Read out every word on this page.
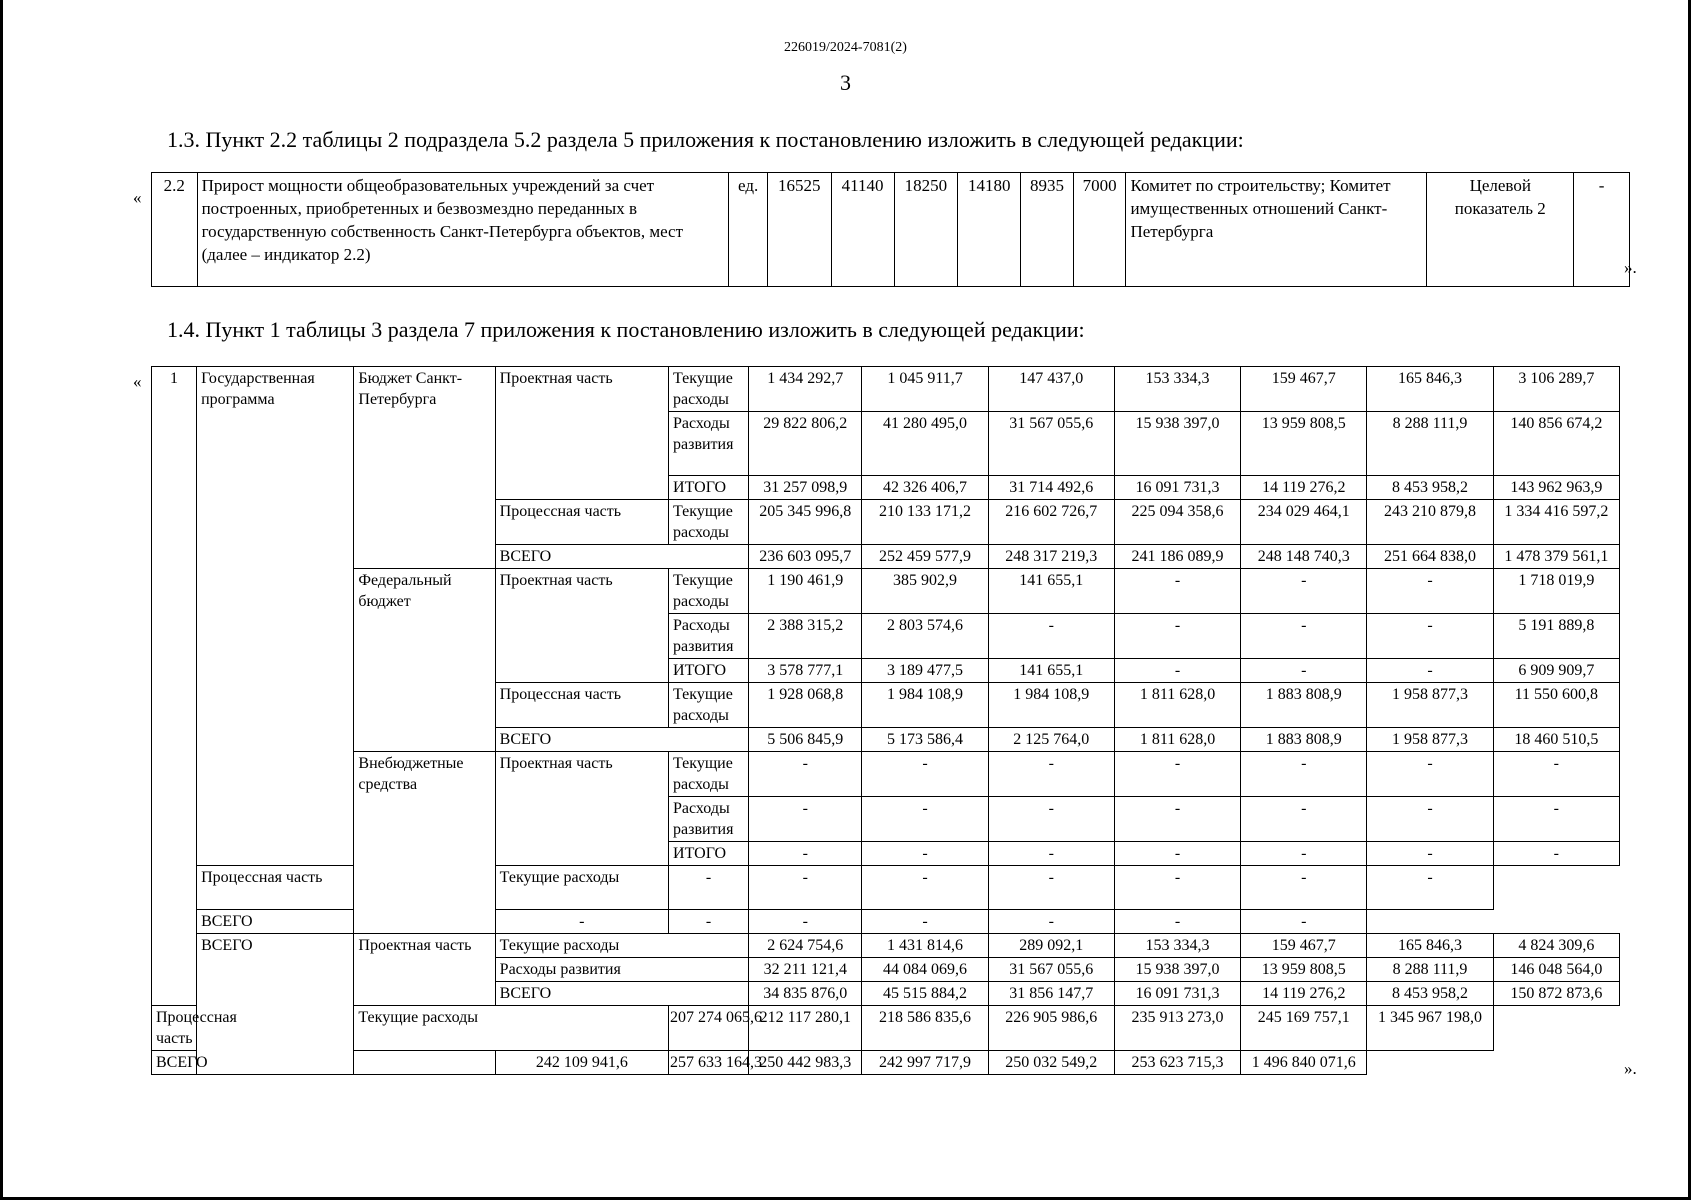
226019/2024-7081(2)
3
1.3. Пункт 2.2 таблицы 2 подраздела 5.2 раздела 5 приложения к постановлению изложить в следующей редакции:
«
2.2	Прирост мощности общеобразовательных учреждений за счет построенных, приобретенных и безвозмездно переданных в государственную собственность Санкт-Петербурга объектов, мест (далее – индикатор 2.2)	ед.	16525	41140	18250	14180	8935	7000	Комитет по строительству; Комитет имущественных отношений Санкт-Петербурга	Целевой показатель 2	-
».
1.4. Пункт 1 таблицы 3 раздела 7 приложения к постановлению изложить в следующей редакции:
« 1	Государственная программа	Бюджет Санкт-Петербурга	Проектная часть	Текущие расходы	1 434 292,7	1 045 911,7	147 437,0	153 334,3	159 467,7	165 846,3	3 106 289,7
				Расходы развития	29 822 806,2	41 280 495,0	31 567 055,6	15 938 397,0	13 959 808,5	8 288 111,9	140 856 674,2
				ИТОГО	31 257 098,9	42 326 406,7	31 714 492,6	16 091 731,3	14 119 276,2	8 453 958,2	143 962 963,9
			Процессная часть	Текущие расходы	205 345 996,8	210 133 171,2	216 602 726,7	225 094 358,6	234 029 464,1	243 210 879,8	1 334 416 597,2
			ВСЕГО		236 603 095,7	252 459 577,9	248 317 219,3	241 186 089,9	248 148 740,3	251 664 838,0	1 478 379 561,1
		Федеральный бюджет	Проектная часть	Текущие расходы	1 190 461,9	385 902,9	141 655,1	-	-	-	1 718 019,9
				Расходы развития	2 388 315,2	2 803 574,6	-	-	-	-	5 191 889,8
				ИТОГО	3 578 777,1	3 189 477,5	141 655,1	-	-	-	6 909 909,7
			Процессная часть	Текущие расходы	1 928 068,8	1 984 108,9	1 984 108,9	1 811 628,0	1 883 808,9	1 958 877,3	11 550 600,8
			ВСЕГО		5 506 845,9	5 173 586,4	2 125 764,0	1 811 628,0	1 883 808,9	1 958 877,3	18 460 510,5
		Внебюджетные средства	Проектная часть	Текущие расходы	-	-	-	-	-	-	-
				Расходы развития	-	-	-	-	-	-	-
				ИТОГО	-	-	-	-	-	-	-
	Процессная часть		Текущие расходы	-	-	-	-	-	-	-	
	ВСЕГО		-	-	-	-	-	-	-		
	ВСЕГО	Проектная часть	Текущие расходы		2 624 754,6	1 431 814,6	289 092,1	153 334,3	159 467,7	165 846,3	4 824 309,6
			Расходы развития		32 211 121,4	44 084 069,6	31 567 055,6	15 938 397,0	13 959 808,5	8 288 111,9	146 048 564,0
			ВСЕГО		34 835 876,0	45 515 884,2	31 856 147,7	16 091 731,3	14 119 276,2	8 453 958,2	150 872 873,6
Процессная часть		Текущие расходы		207 274 065,6	212 117 280,1	218 586 835,6	226 905 986,6	235 913 273,0	245 169 757,1	1 345 967 198,0	
ВСЕГО			242 109 941,6	257 633 164,3	250 442 983,3	242 997 717,9	250 032 549,2	253 623 715,3	1 496 840 071,6			».
